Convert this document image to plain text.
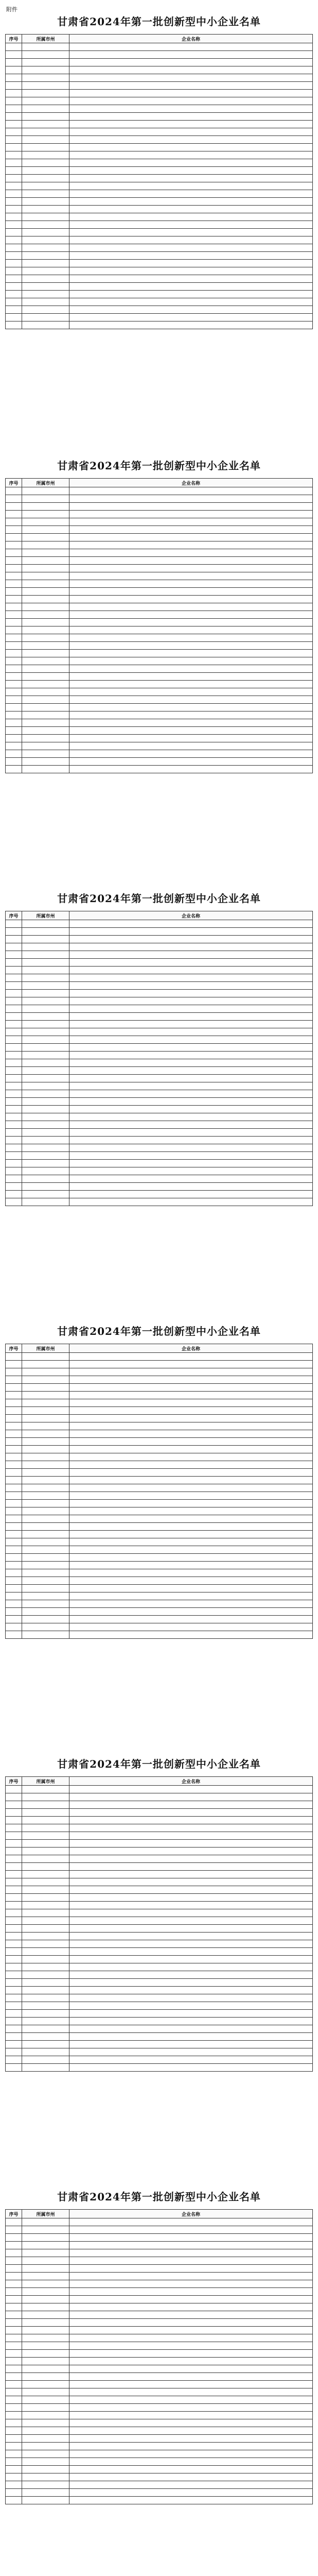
附件
甘肃省2024年第一批创新型中小企业名单
序号	所属市州	企业名称

甘肃省2024年第一批创新型中小企业名单
序号	所属市州	企业名称

甘肃省2024年第一批创新型中小企业名单
序号	所属市州	企业名称

甘肃省2024年第一批创新型中小企业名单
序号	所属市州	企业名称

甘肃省2024年第一批创新型中小企业名单
序号	所属市州	企业名称

甘肃省2024年第一批创新型中小企业名单
序号	所属市州	企业名称
